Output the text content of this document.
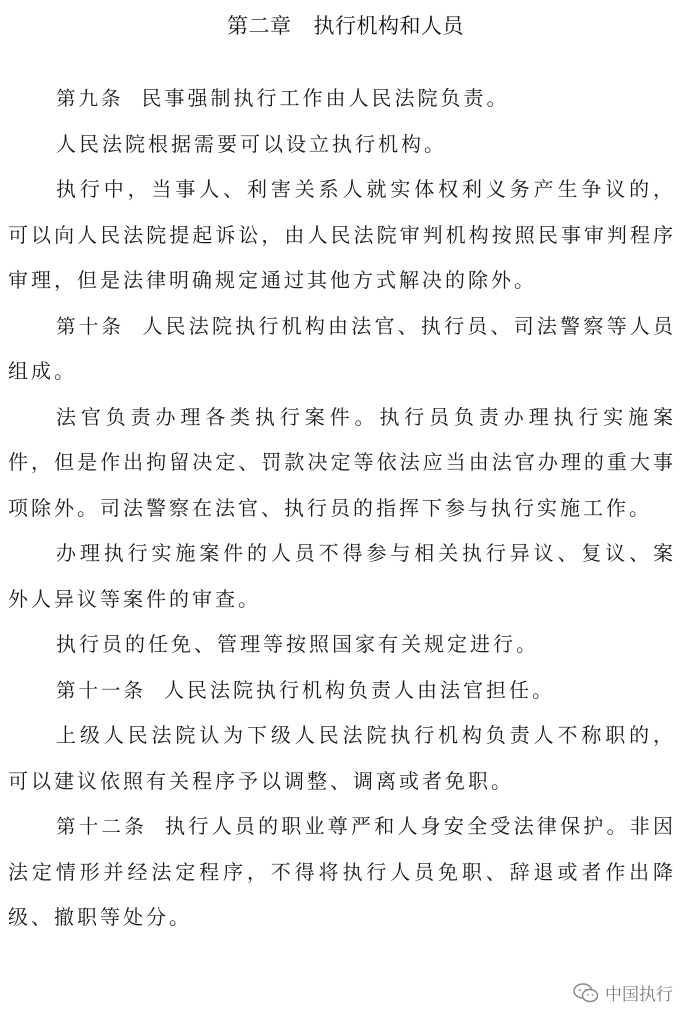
第二章 执行机构和人员

第九条 民事强制执行工作由人民法院负责。

人民法院根据需要可以设立执行机构。

执行中，当事人、利害关系人就实体权利义务产生争议的，可以向人民法院提起诉讼，由人民法院审判机构按照民事审判程序审理，但是法律明确规定通过其他方式解决的除外。

第十条 人民法院执行机构由法官、执行员、司法警察等人员组成。

法官负责办理各类执行案件。执行员负责办理执行实施案件，但是作出拘留决定、罚款决定等依法应当由法官办理的重大事项除外。司法警察在法官、执行员的指挥下参与执行实施工作。

办理执行实施案件的人员不得参与相关执行异议、复议、案外人异议等案件的审查。

执行员的任免、管理等按照国家有关规定进行。

第十一条 人民法院执行机构负责人由法官担任。

上级人民法院认为下级人民法院执行机构负责人不称职的，可以建议依照有关程序予以调整、调离或者免职。

第十二条 执行人员的职业尊严和人身安全受法律保护。非因法定情形并经法定程序，不得将执行人员免职、辞退或者作出降级、撤职等处分。

中国执行
